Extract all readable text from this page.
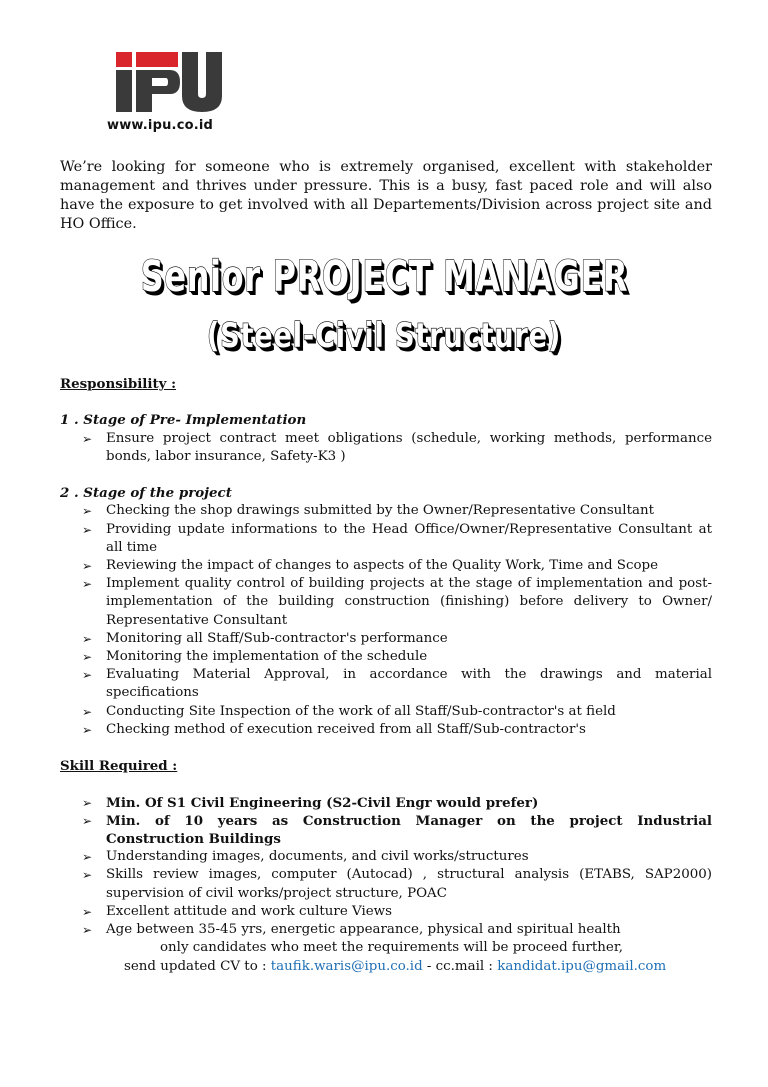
www.ipu.co.id

We’re looking for someone who is extremely organised, excellent with stakeholder management and thrives under pressure. This is a busy, fast paced role and will also have the exposure to get involved with all Departements/Division across project site and HO Office.

Senior PROJECT MANAGER
(Steel-Civil Structure)

Responsibility :

1 . Stage of Pre- Implementation

➢ Ensure project contract meet obligations (schedule, working methods, performance bonds, labor insurance, Safety-K3 )

2 . Stage of the project

➢ Checking the shop drawings submitted by the Owner/Representative Consultant
➢ Providing update informations to the Head Office/Owner/Representative Consultant at all time
➢ Reviewing the impact of changes to aspects of the Quality Work, Time and Scope
➢ Implement quality control of building projects at the stage of implementation and post-implementation of the building construction (finishing) before delivery to Owner/ Representative Consultant
➢ Monitoring all Staff/Sub-contractor's performance
➢ Monitoring the implementation of the schedule
➢ Evaluating Material Approval, in accordance with the drawings and material specifications
➢ Conducting Site Inspection of the work of all Staff/Sub-contractor's at field
➢ Checking method of execution received from all Staff/Sub-contractor's

Skill Required :

➢ Min. Of S1 Civil Engineering (S2-Civil Engr would prefer)
➢ Min. of 10 years as Construction Manager on the project Industrial Construction Buildings
➢ Understanding images, documents, and civil works/structures
➢ Skills review images, computer (Autocad) , structural analysis (ETABS, SAP2000) supervision of civil works/project structure, POAC
➢ Excellent attitude and work culture Views
➢ Age between 35-45 yrs, energetic appearance, physical and spiritual health
only candidates who meet the requirements will be proceed further,
send updated CV to : taufik.waris@ipu.co.id - cc.mail : kandidat.ipu@gmail.com
